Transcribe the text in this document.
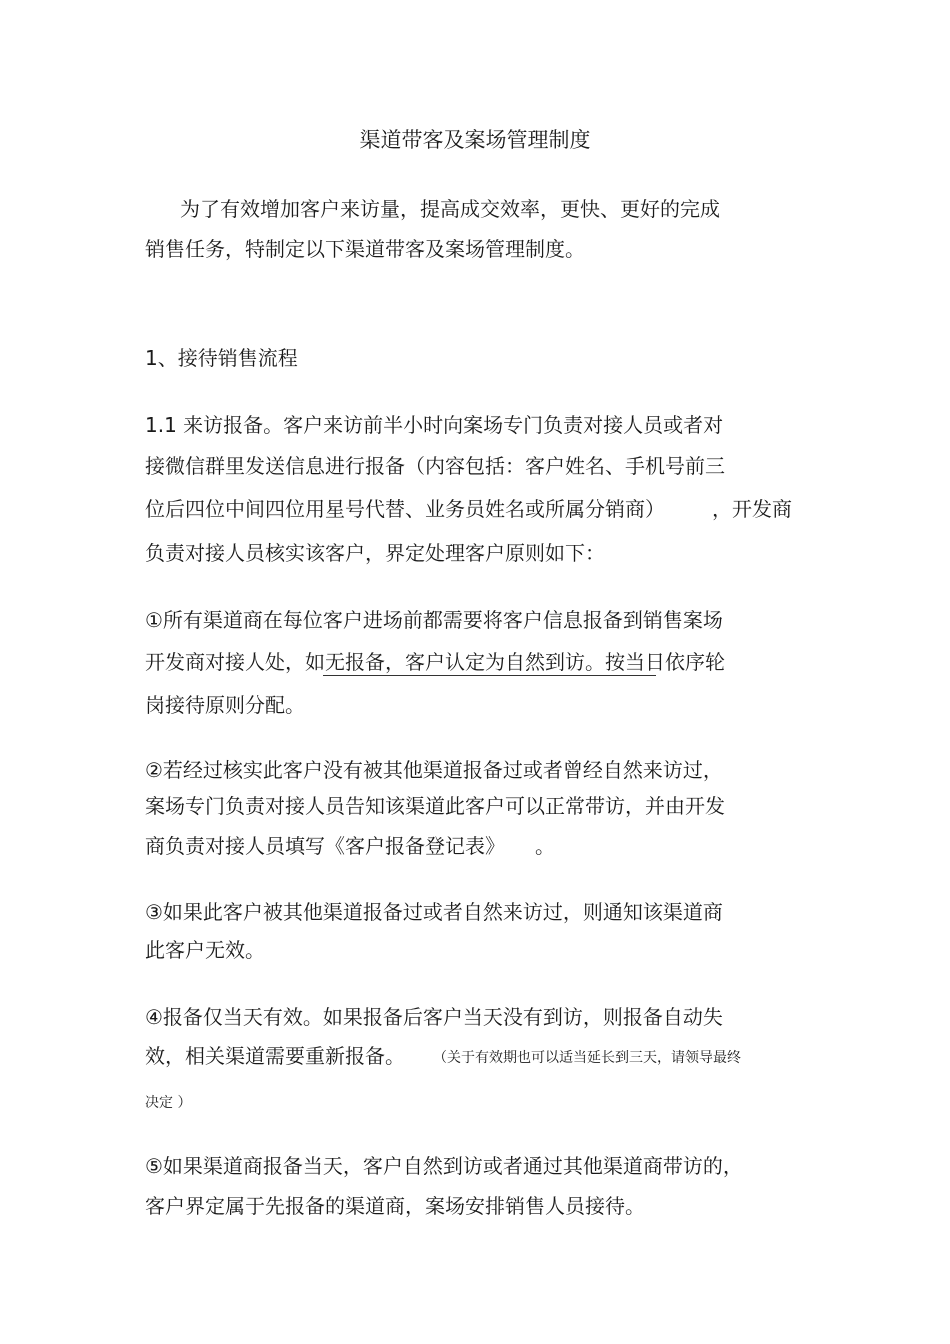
渠道带客及案场管理制度
为了有效增加客户来访量，提高成交效率，更快、更好的完成
销售任务，特制定以下渠道带客及案场管理制度。
1、接待销售流程
1.1 来访报备。客户来访前半小时向案场专门负责对接人员或者对
接微信群里发送信息进行报备（内容包括：客户姓名、手机号前三
位后四位中间四位用星号代替、业务员姓名或所属分销商） ，开发商
负责对接人员核实该客户，界定处理客户原则如下：
①所有渠道商在每位客户进场前都需要将客户信息报备到销售案场
开发商对接人处，如无报备，客户认定为自然到访。按当日依序轮
岗接待原则分配。
②若经过核实此客户没有被其他渠道报备过或者曾经自然来访过，
案场专门负责对接人员告知该渠道此客户可以正常带访，并由开发
商负责对接人员填写《客户报备登记表》 。
③如果此客户被其他渠道报备过或者自然来访过，则通知该渠道商
此客户无效。
④报备仅当天有效。如果报备后客户当天没有到访，则报备自动失
效，相关渠道需要重新报备。 （关于有效期也可以适当延长到三天，请领导最终
决定 ）
⑤如果渠道商报备当天，客户自然到访或者通过其他渠道商带访的，
客户界定属于先报备的渠道商，案场安排销售人员接待。
